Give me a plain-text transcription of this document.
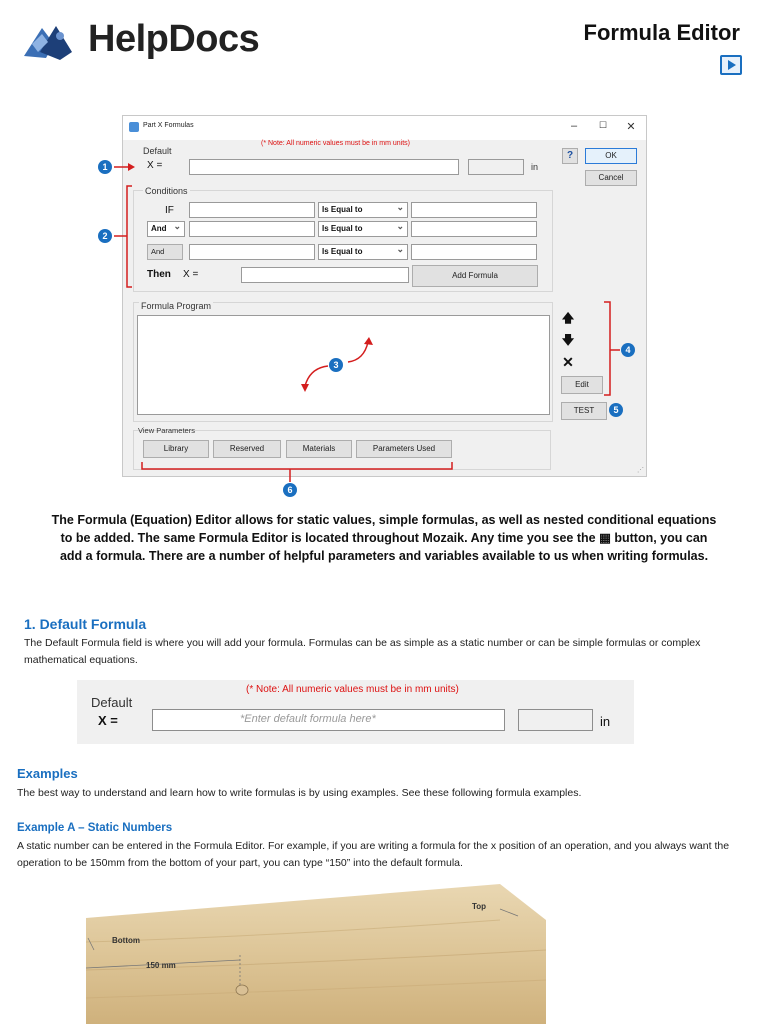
HelpDocs	Formula Editor
Part X Formulas	–	☐	✕
(* Note: All numeric values must be in mm units)
Default
X =	in
?	OK
Cancel
Conditions
IF	Is Equal to ⌄
And ⌄	Is Equal to ⌄
And	Is Equal to ⌄
Then X =	Add Formula
Formula Program
🡅
🡇
✕
Edit
TEST
View Parameters
Library	Reserved	Materials	Parameters Used
⋰
1
2
3
4
5
6
The Formula (Equation) Editor allows for static values, simple formulas, as well as nested conditional equations to be added. The same Formula Editor is located throughout Mozaik. Any time you see the ▦ button, you can add a formula. There are a number of helpful parameters and variables available to us when writing formulas.
1. Default Formula
The Default Formula field is where you will add your formula. Formulas can be as simple as a static number or can be simple formulas or complex mathematical equations.
(* Note: All numeric values must be in mm units)
Default
X =	*Enter default formula here*	in
Examples
The best way to understand and learn how to write formulas is by using examples. See these following formula examples.
Example A – Static Numbers
A static number can be entered in the Formula Editor. For example, if you are writing a formula for the x position of an operation, and you always want the operation to be 150mm from the bottom of your part, you can type “150” into the default formula.
Bottom
150 mm
Top
